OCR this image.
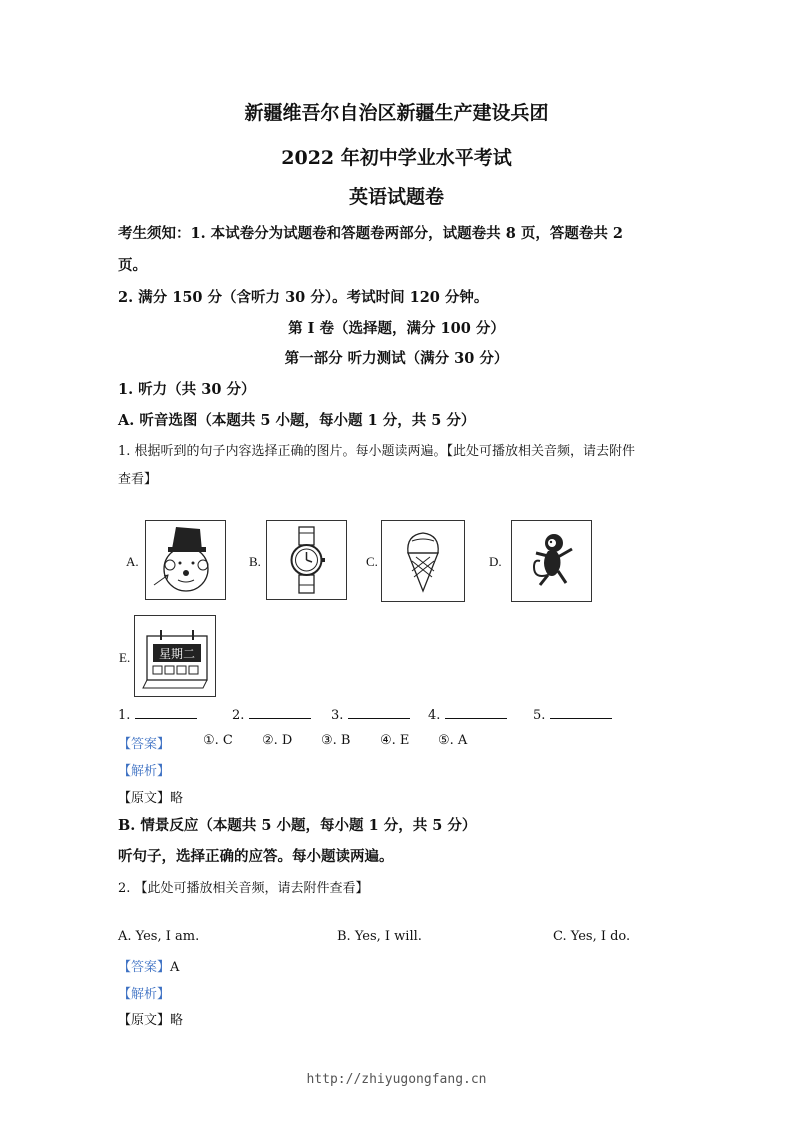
新疆维吾尔自治区新疆生产建设兵团
2022 年初中学业水平考试
英语试题卷
考生须知：1. 本试卷分为试题卷和答题卷两部分，试题卷共 8 页，答题卷共 2
页。
2. 满分 150 分（含听力 30 分）。考试时间 120 分钟。
第 I 卷（选择题，满分 100 分）
第一部分 听力测试（满分 30 分）
1. 听力（共 30 分）
A. 听音选图（本题共 5 小题，每小题 1 分，共 5 分）
1. 根据听到的句子内容选择正确的图片。每小题读两遍。【此处可播放相关音频，请去附件
查看】
A.	B.	C.	D.
E. 星期二
1.	2.	3.	4.	5.
【答案】	①. C ②. D ③. B ④. E ⑤. A
【解析】
【原文】略
B. 情景反应（本题共 5 小题，每小题 1 分，共 5 分）
听句子，选择正确的应答。每小题读两遍。
2. 【此处可播放相关音频，请去附件查看】
A. Yes, I am.	B. Yes, I will.	C. Yes, I do.
【答案】A
【解析】
【原文】略
http://zhiyugongfang.cn
